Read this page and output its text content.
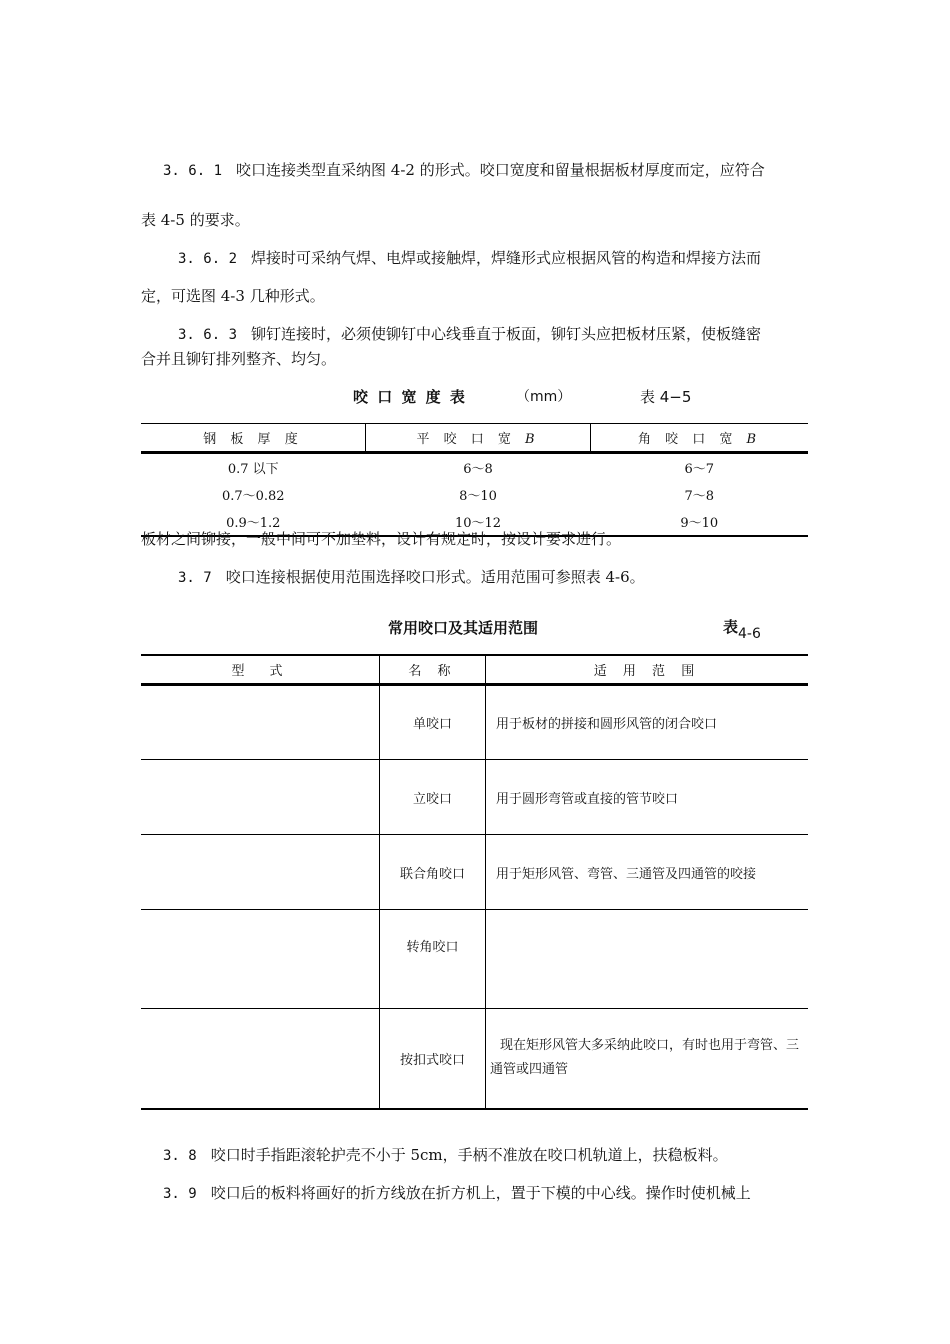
3. 6. 1 咬口连接类型直采纳图 4-2 的形式。咬口宽度和留量根据板材厚度而定，应符合
表 4-5 的要求。
3. 6. 2 焊接时可采纳气焊、电焊或接触焊，焊缝形式应根据风管的构造和焊接方法而
定，可选图 4-3 几种形式。
3. 6. 3 铆钉连接时，必须使铆钉中心线垂直于板面，铆钉头应把板材压紧，使板缝密
合并且铆钉排列整齐、均匀。
咬 口 宽 度 表	（mm）	表 4−5
钢 板 厚 度	平 咬 口 宽 B	角 咬 口 宽 B
0.7 以下	6～8	6～7
0.7～0.82	8～10	7～8
0.9～1.2	10～12	9～10
板材之间铆接，一般中间可不加垫料，设计有规定时，按设计要求进行。
3. 7 咬口连接根据使用范围选择咬口形式。适用范围可参照表 4-6。
常用咬口及其适用范围	表4-6
型　式	名 称	适 用 范 围
	单咬口	用于板材的拼接和圆形风管的闭合咬口
	立咬口	用于圆形弯管或直接的管节咬口
	联合角咬口	用于矩形风管、弯管、三通管及四通管的咬接
	转角咬口	
	按扣式咬口	现在矩形风管大多采纳此咬口，有时也用于弯管、三通管或四通管
3. 8 咬口时手指距滚轮护壳不小于 5cm，手柄不准放在咬口机轨道上，扶稳板料。
3. 9 咬口后的板料将画好的折方线放在折方机上，置于下模的中心线。操作时使机械上
